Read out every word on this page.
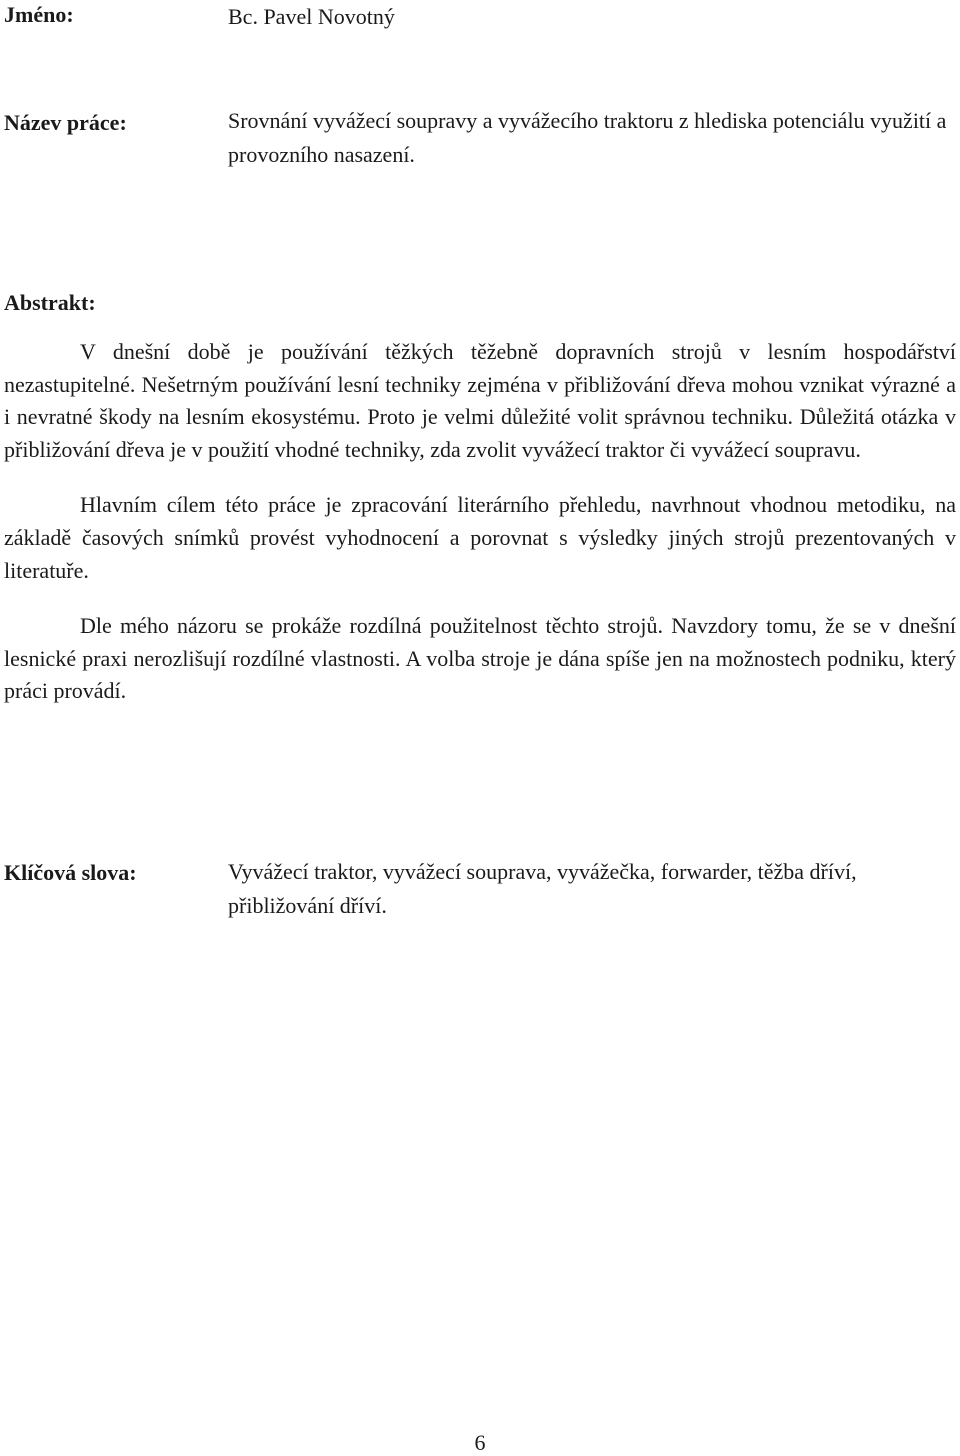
Jméno:	Bc. Pavel Novotný
Název práce:	Srovnání vyvážecí soupravy a vyvážecího traktoru z hlediska potenciálu využití a provozního nasazení.
Abstrakt:

V dnešní době je používání těžkých těžebně dopravních strojů v lesním hospodářství nezastupitelné. Nešetrným používání lesní techniky zejména v přibližování dřeva mohou vznikat výrazné a i nevratné škody na lesním ekosystému. Proto je velmi důležité volit správnou techniku. Důležitá otázka v přibližování dřeva je v použití vhodné techniky, zda zvolit vyvážecí traktor či vyvážecí soupravu.

Hlavním cílem této práce je zpracování literárního přehledu, navrhnout vhodnou metodiku, na základě časových snímků provést vyhodnocení a porovnat s výsledky jiných strojů prezentovaných v literatuře.

Dle mého názoru se prokáže rozdílná použitelnost těchto strojů. Navzdory tomu, že se v dnešní lesnické praxi nerozlišují rozdílné vlastnosti. A volba stroje je dána spíše jen na možnostech podniku, který práci provádí.

Klíčová slova:	Vyvážecí traktor, vyvážecí souprava, vyvážečka, forwarder, těžba dříví, přibližování dříví.
6
